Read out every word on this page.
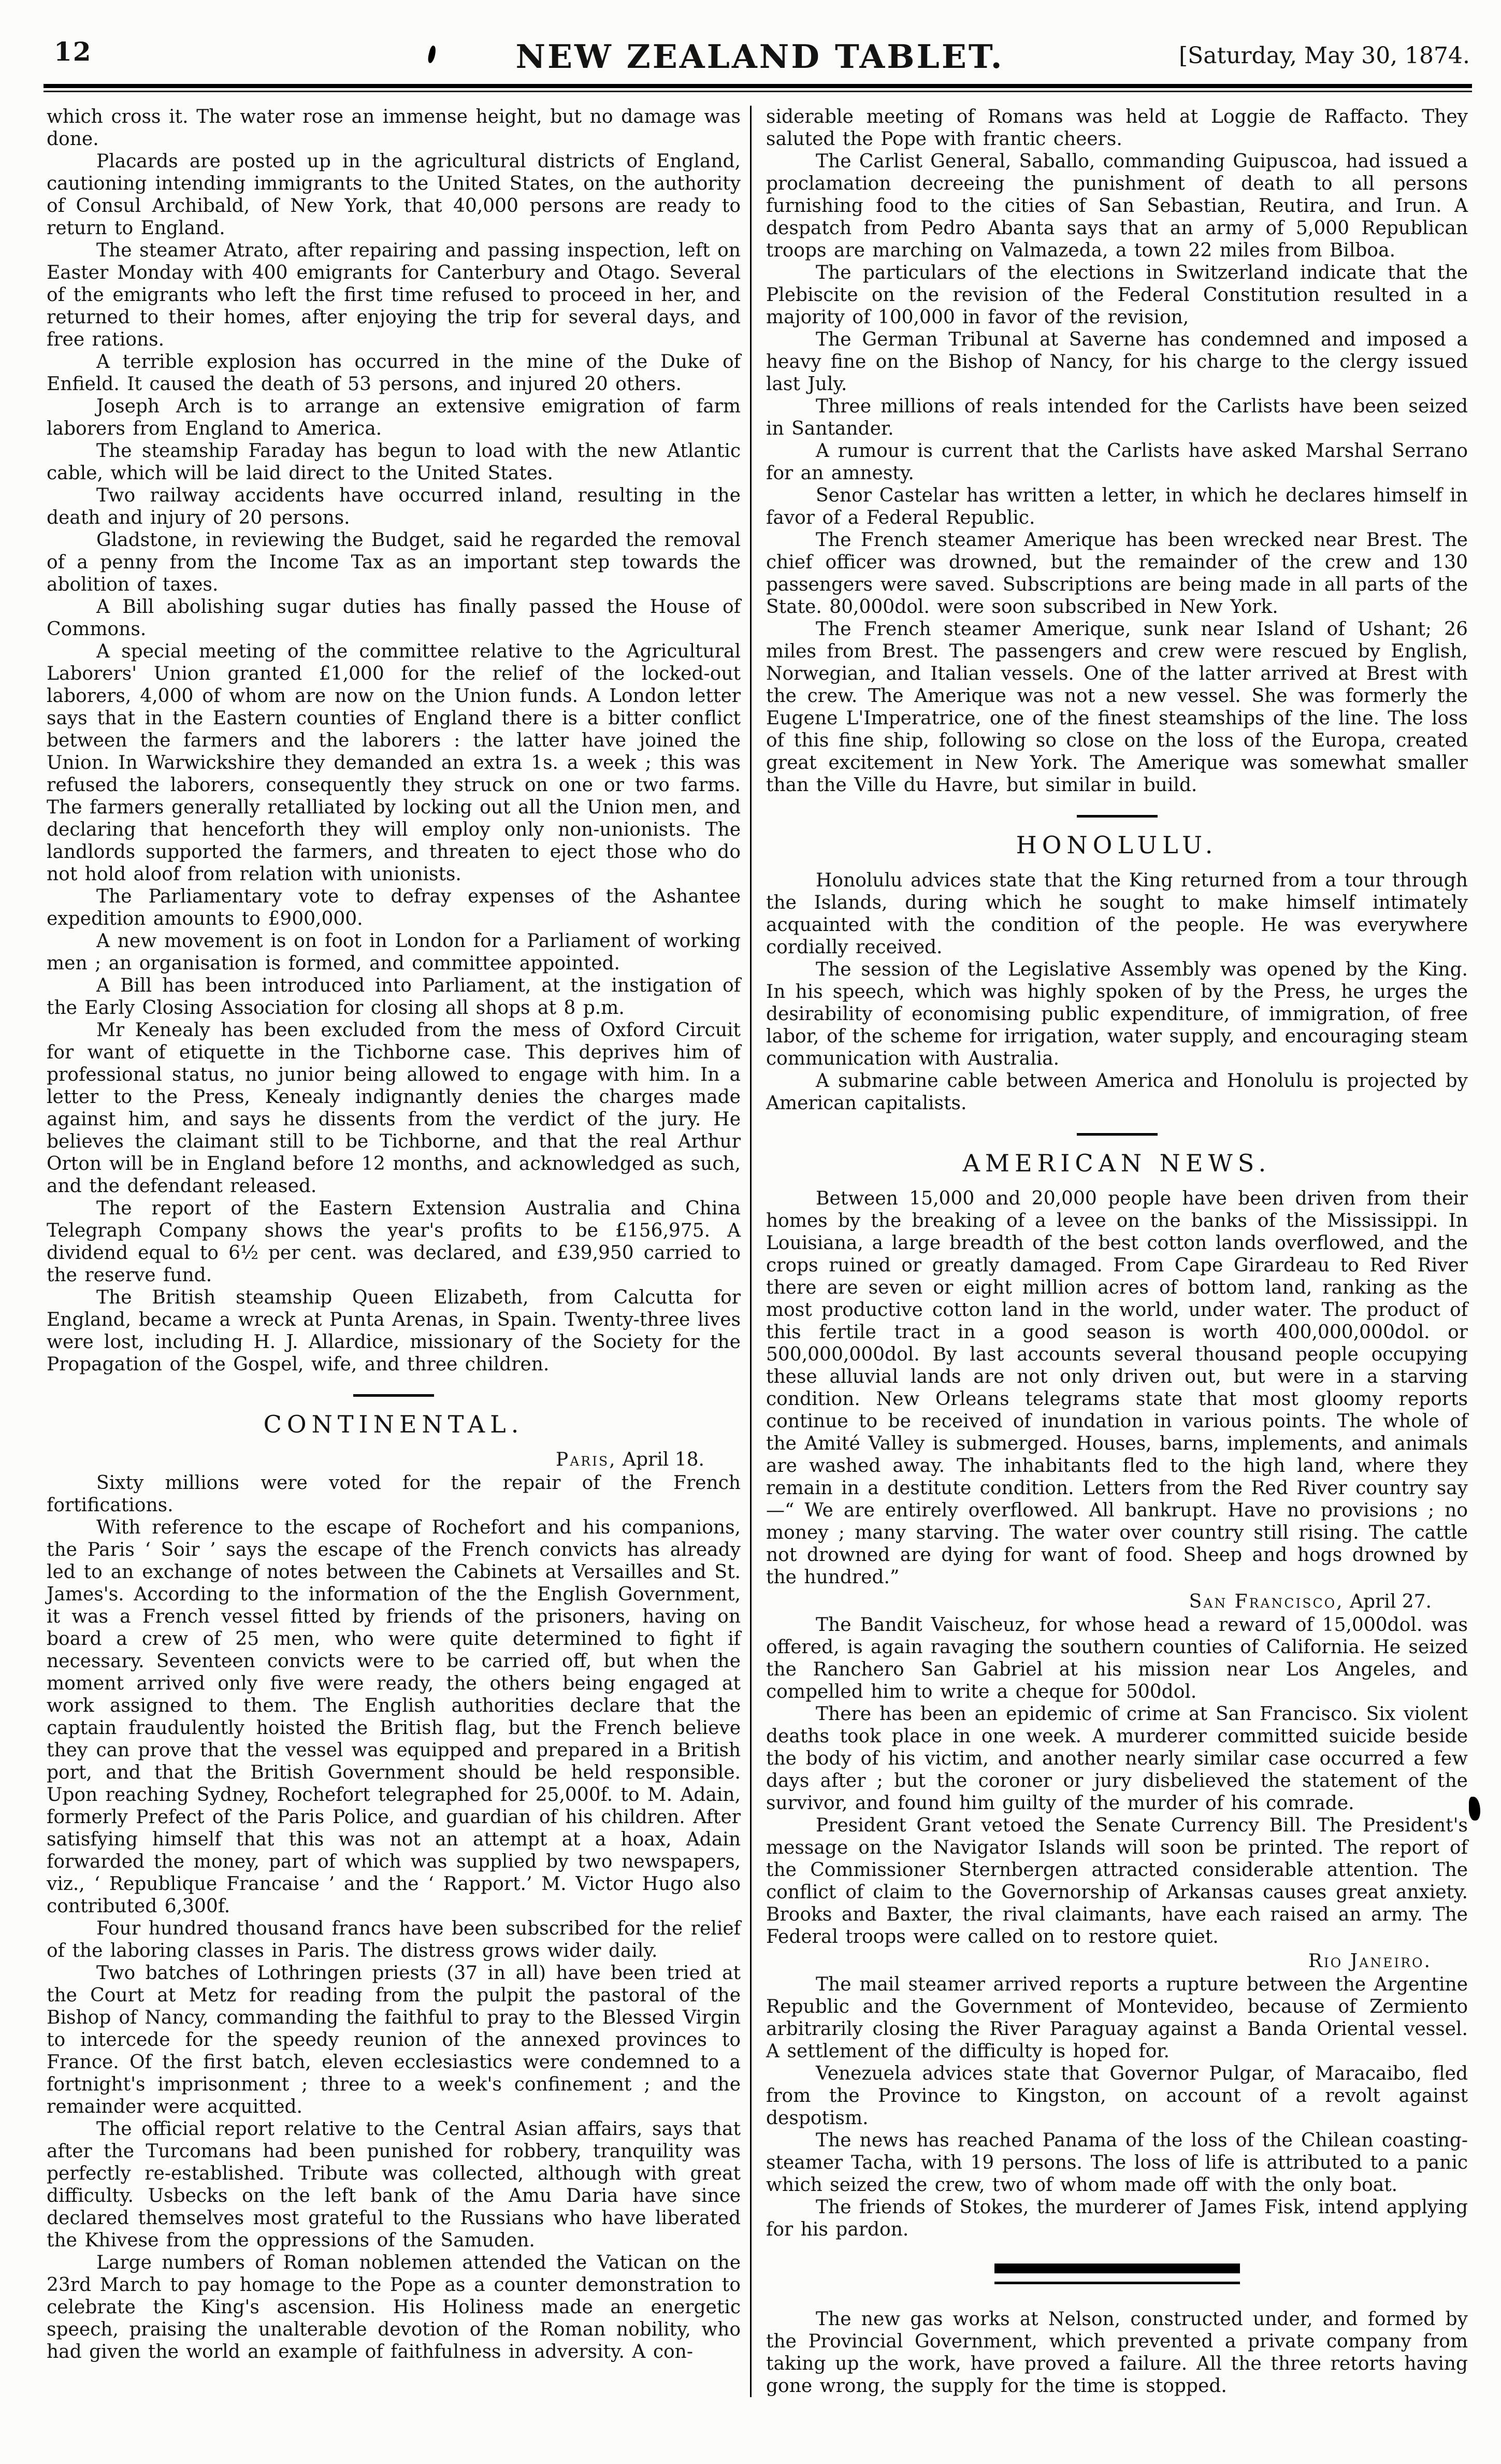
12	NEW ZEALAND TABLET.	[Saturday, May 30, 1874.

which cross it. The water rose an immense height, but no damage was done.

Placards are posted up in the agricultural districts of England, cautioning intending immigrants to the United States, on the authority of Consul Archibald, of New York, that 40,000 persons are ready to return to England.

The steamer Atrato, after repairing and passing inspection, left on Easter Monday with 400 emigrants for Canterbury and Otago. Several of the emigrants who left the first time refused to proceed in her, and returned to their homes, after enjoying the trip for several days, and free rations.

A terrible explosion has occurred in the mine of the Duke of Enfield. It caused the death of 53 persons, and injured 20 others.

Joseph Arch is to arrange an extensive emigration of farm laborers from England to America.

The steamship Faraday has begun to load with the new Atlantic cable, which will be laid direct to the United States.

Two railway accidents have occurred inland, resulting in the death and injury of 20 persons.

Gladstone, in reviewing the Budget, said he regarded the removal of a penny from the Income Tax as an important step towards the abolition of taxes.

A Bill abolishing sugar duties has finally passed the House of Commons.

A special meeting of the committee relative to the Agricultural Laborers' Union granted £1,000 for the relief of the locked-out laborers, 4,000 of whom are now on the Union funds. A London letter says that in the Eastern counties of England there is a bitter conflict between the farmers and the laborers : the latter have joined the Union. In Warwickshire they demanded an extra 1s. a week ; this was refused the laborers, consequently they struck on one or two farms. The farmers generally retalliated by locking out all the Union men, and declaring that henceforth they will employ only non-unionists. The landlords supported the farmers, and threaten to eject those who do not hold aloof from relation with unionists.

The Parliamentary vote to defray expenses of the Ashantee expedition amounts to £900,000.

A new movement is on foot in London for a Parliament of working men ; an organisation is formed, and committee appointed.

A Bill has been introduced into Parliament, at the instigation of the Early Closing Association for closing all shops at 8 p.m.

Mr Kenealy has been excluded from the mess of Oxford Circuit for want of etiquette in the Tichborne case. This deprives him of professional status, no junior being allowed to engage with him. In a letter to the Press, Kenealy indignantly denies the charges made against him, and says he dissents from the verdict of the jury. He believes the claimant still to be Tichborne, and that the real Arthur Orton will be in England before 12 months, and acknowledged as such, and the defendant released.

The report of the Eastern Extension Australia and China Telegraph Company shows the year's profits to be £156,975. A dividend equal to 6½ per cent. was declared, and £39,950 carried to the reserve fund.

The British steamship Queen Elizabeth, from Calcutta for England, became a wreck at Punta Arenas, in Spain. Twenty-three lives were lost, including H. J. Allardice, missionary of the Society for the Propagation of the Gospel, wife, and three children.

CONTINENTAL.

Paris, April 18.

Sixty millions were voted for the repair of the French fortifications.

With reference to the escape of Rochefort and his companions, the Paris ‘ Soir ’ says the escape of the French convicts has already led to an exchange of notes between the Cabinets at Versailles and St. James's. According to the information of the the English Government, it was a French vessel fitted by friends of the prisoners, having on board a crew of 25 men, who were quite determined to fight if necessary. Seventeen convicts were to be carried off, but when the moment arrived only five were ready, the others being engaged at work assigned to them. The English authorities declare that the captain fraudulently hoisted the British flag, but the French believe they can prove that the vessel was equipped and prepared in a British port, and that the British Government should be held responsible. Upon reaching Sydney, Rochefort telegraphed for 25,000f. to M. Adain, formerly Prefect of the Paris Police, and guardian of his children. After satisfying himself that this was not an attempt at a hoax, Adain forwarded the money, part of which was supplied by two newspapers, viz., ‘ Republique Francaise ’ and the ‘ Rapport.’ M. Victor Hugo also contributed 6,300f.

Four hundred thousand francs have been subscribed for the relief of the laboring classes in Paris. The distress grows wider daily.

Two batches of Lothringen priests (37 in all) have been tried at the Court at Metz for reading from the pulpit the pastoral of the Bishop of Nancy, commanding the faithful to pray to the Blessed Virgin to intercede for the speedy reunion of the annexed provinces to France. Of the first batch, eleven ecclesiastics were condemned to a fortnight's imprisonment ; three to a week's confinement ; and the remainder were acquitted.

The official report relative to the Central Asian affairs, says that after the Turcomans had been punished for robbery, tranquility was perfectly re-established. Tribute was collected, although with great difficulty. Usbecks on the left bank of the Amu Daria have since declared themselves most grateful to the Russians who have liberated the Khivese from the oppressions of the Samuden.

Large numbers of Roman noblemen attended the Vatican on the 23rd March to pay homage to the Pope as a counter demonstration to celebrate the King's ascension. His Holiness made an energetic speech, praising the unalterable devotion of the Roman nobility, who had given the world an example of faithfulness in adversity. A con-

siderable meeting of Romans was held at Loggie de Raffacto. They saluted the Pope with frantic cheers.

The Carlist General, Saballo, commanding Guipuscoa, had issued a proclamation decreeing the punishment of death to all persons furnishing food to the cities of San Sebastian, Reutira, and Irun. A despatch from Pedro Abanta says that an army of 5,000 Republican troops are marching on Valmazeda, a town 22 miles from Bilboa.

The particulars of the elections in Switzerland indicate that the Plebiscite on the revision of the Federal Constitution resulted in a majority of 100,000 in favor of the revision,

The German Tribunal at Saverne has condemned and imposed a heavy fine on the Bishop of Nancy, for his charge to the clergy issued last July.

Three millions of reals intended for the Carlists have been seized in Santander.

A rumour is current that the Carlists have asked Marshal Serrano for an amnesty.

Senor Castelar has written a letter, in which he declares himself in favor of a Federal Republic.

The French steamer Amerique has been wrecked near Brest. The chief officer was drowned, but the remainder of the crew and 130 passengers were saved. Subscriptions are being made in all parts of the State. 80,000dol. were soon subscribed in New York.

The French steamer Amerique, sunk near Island of Ushant; 26 miles from Brest. The passengers and crew were rescued by English, Norwegian, and Italian vessels. One of the latter arrived at Brest with the crew. The Amerique was not a new vessel. She was formerly the Eugene L'Imperatrice, one of the finest steamships of the line. The loss of this fine ship, following so close on the loss of the Europa, created great excitement in New York. The Amerique was somewhat smaller than the Ville du Havre, but similar in build.

HONOLULU.

Honolulu advices state that the King returned from a tour through the Islands, during which he sought to make himself intimately acquainted with the condition of the people. He was everywhere cordially received.

The session of the Legislative Assembly was opened by the King. In his speech, which was highly spoken of by the Press, he urges the desirability of economising public expenditure, of immigration, of free labor, of the scheme for irrigation, water supply, and encouraging steam communication with Australia.

A submarine cable between America and Honolulu is projected by American capitalists.

AMERICAN NEWS.

Between 15,000 and 20,000 people have been driven from their homes by the breaking of a levee on the banks of the Mississippi. In Louisiana, a large breadth of the best cotton lands overflowed, and the crops ruined or greatly damaged. From Cape Girardeau to Red River there are seven or eight million acres of bottom land, ranking as the most productive cotton land in the world, under water. The product of this fertile tract in a good season is worth 400,000,000dol. or 500,000,000dol. By last accounts several thousand people occupying these alluvial lands are not only driven out, but were in a starving condition. New Orleans telegrams state that most gloomy reports continue to be received of inundation in various points. The whole of the Amité Valley is submerged. Houses, barns, implements, and animals are washed away. The inhabitants fled to the high land, where they remain in a destitute condition. Letters from the Red River country say—“ We are entirely overflowed. All bankrupt. Have no provisions ; no money ; many starving. The water over country still rising. The cattle not drowned are dying for want of food. Sheep and hogs drowned by the hundred.”

San Francisco, April 27.

The Bandit Vaischeuz, for whose head a reward of 15,000dol. was offered, is again ravaging the southern counties of California. He seized the Ranchero San Gabriel at his mission near Los Angeles, and compelled him to write a cheque for 500dol.

There has been an epidemic of crime at San Francisco. Six violent deaths took place in one week. A murderer committed suicide beside the body of his victim, and another nearly similar case occurred a few days after ; but the coroner or jury disbelieved the statement of the survivor, and found him guilty of the murder of his comrade.

President Grant vetoed the Senate Currency Bill. The President's message on the Navigator Islands will soon be printed. The report of the Commissioner Sternbergen attracted considerable attention. The conflict of claim to the Governorship of Arkansas causes great anxiety. Brooks and Baxter, the rival claimants, have each raised an army. The Federal troops were called on to restore quiet.

Rio Janeiro.

The mail steamer arrived reports a rupture between the Argentine Republic and the Government of Montevideo, because of Zermiento arbitrarily closing the River Paraguay against a Banda Oriental vessel. A settlement of the difficulty is hoped for.

Venezuela advices state that Governor Pulgar, of Maracaibo, fled from the Province to Kingston, on account of a revolt against despotism.

The news has reached Panama of the loss of the Chilean coasting-steamer Tacha, with 19 persons. The loss of life is attributed to a panic which seized the crew, two of whom made off with the only boat.

The friends of Stokes, the murderer of James Fisk, intend applying for his pardon.

The new gas works at Nelson, constructed under, and formed by the Provincial Government, which prevented a private company from taking up the work, have proved a failure. All the three retorts having gone wrong, the supply for the time is stopped.
